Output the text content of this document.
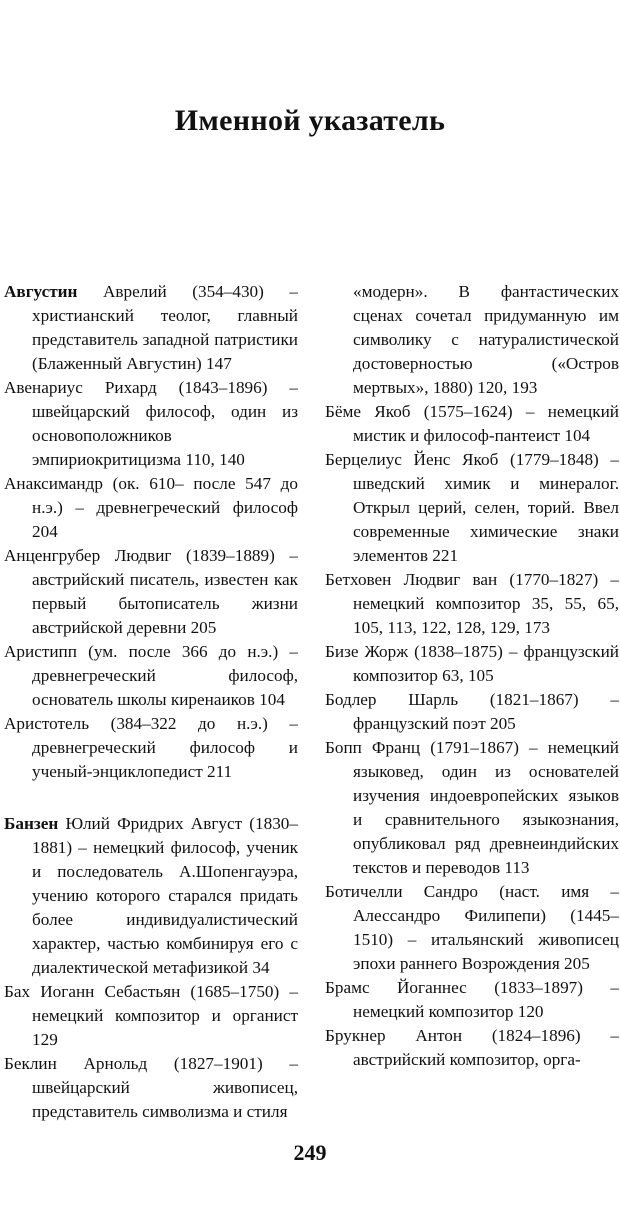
Именной указатель

Августин Аврелий (354–430) – христианский теолог, главный представитель западной патристики (Блаженный Августин) 147

Авенариус Рихард (1843–1896) – швейцарский философ, один из основоположников эмпириокритицизма 110, 140

Анаксимандр (ок. 610– после 547 до н.э.) – древнегреческий философ 204

Анценгрубер Людвиг (1839–1889) – австрийский писатель, известен как первый бытописатель жизни австрийской деревни 205

Аристипп (ум. после 366 до н.э.) – древнегреческий философ, основатель школы киренаиков 104

Аристотель (384–322 до н.э.) – древнегреческий философ и ученый-энциклопедист 211

Банзен Юлий Фридрих Август (1830–1881) – немецкий философ, ученик и последователь А.Шопенгауэра, учению которого старался придать более индивидуалистический характер, частью комбинируя его с диалектической метафизикой 34

Бах Иоганн Себастьян (1685–1750) – немецкий композитор и органист 129

Беклин Арнольд (1827–1901) – швейцарский живописец, представитель символизма и стиля

«модерн». В фантастических сценах сочетал придуманную им символику с натуралистической достоверностью («Остров мертвых», 1880) 120, 193

Бёме Якоб (1575–1624) – немецкий мистик и философ-пантеист 104

Берцелиус Йенс Якоб (1779–1848) – шведский химик и минералог. Открыл церий, селен, торий. Ввел современные химические знаки элементов 221

Бетховен Людвиг ван (1770–1827) – немецкий композитор 35, 55, 65, 105, 113, 122, 128, 129, 173

Бизе Жорж (1838–1875) – французский композитор 63, 105

Бодлер Шарль (1821–1867) – французский поэт 205

Бопп Франц (1791–1867) – немецкий языковед, один из основателей изучения индоевропейских языков и сравнительного языкознания, опубликовал ряд древнеиндийских текстов и переводов 113

Ботичелли Сандро (наст. имя – Алессандро Филипепи) (1445–1510) – итальянский живописец эпохи раннего Возрождения 205

Брамс Йоганнес (1833–1897) – немецкий композитор 120

Брукнер Антон (1824–1896) – австрийский композитор, орга-

249
